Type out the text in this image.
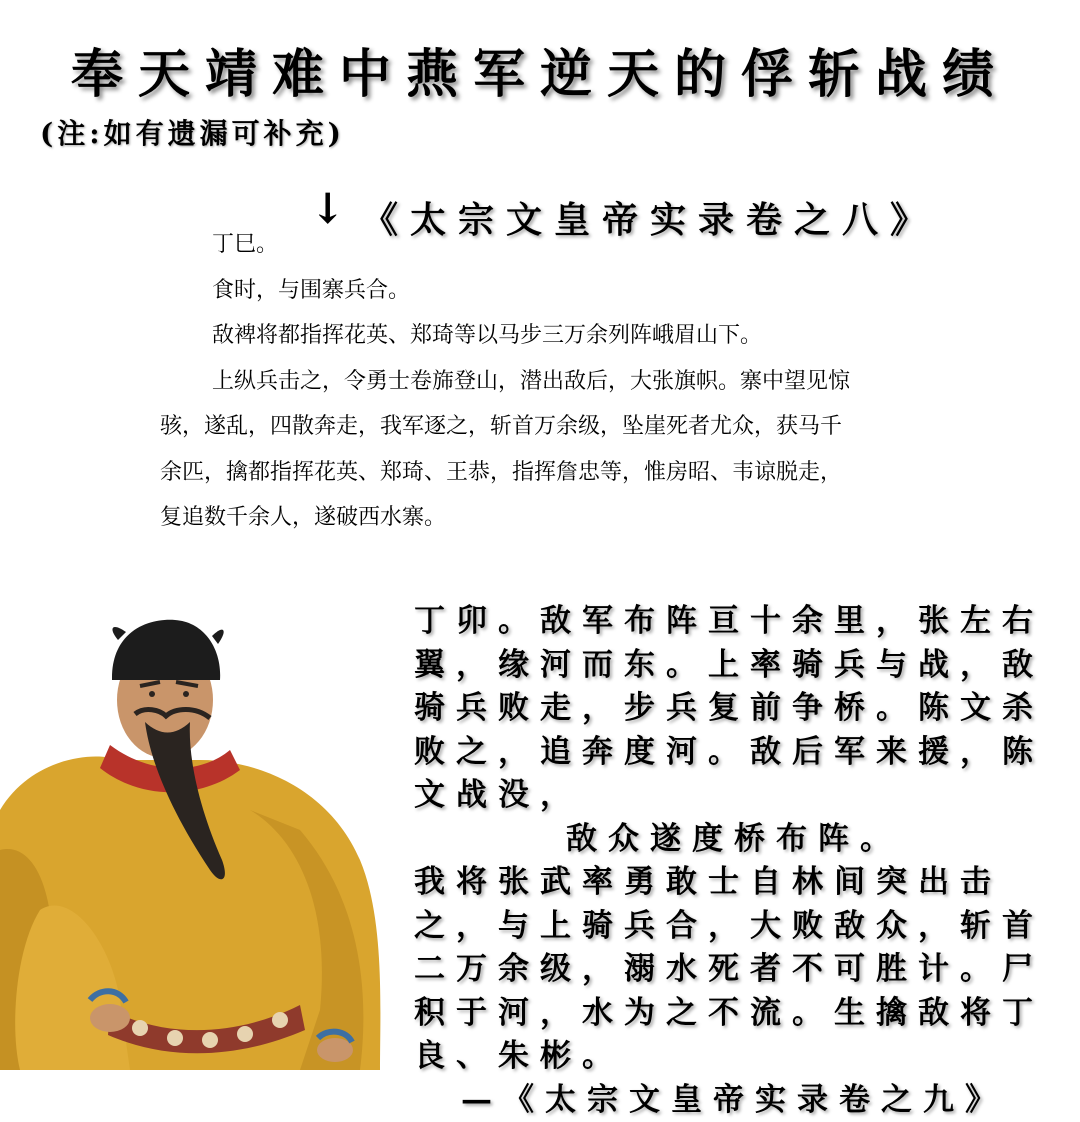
奉天靖难中燕军逆天的俘斩战绩
(注:如有遗漏可补充)
↓ 《太宗文皇帝实录卷之八》

丁巳。

食时，与围寨兵合。

敌裨将都指挥花英、郑琦等以马步三万余列阵峨眉山下。

上纵兵击之，令勇士卷旆登山，潜出敌后，大张旗帜。寨中望见惊骇，遂乱，四散奔走，我军逐之，斩首万余级，坠崖死者尤众，获马千余匹，擒都指挥花英、郑琦、王恭，指挥詹忠等，惟房昭、韦谅脱走，复追数千余人，遂破西水寨。

丁卯。敌军布阵亘十余里，张左右翼，缘河而东。上率骑兵与战，敌骑兵败走，步兵复前争桥。陈文杀败之，追奔度河。敌后军来援，陈文战没，

敌众遂度桥布阵。

我将张武率勇敢士自林间突出击之，与上骑兵合，大败敌众，斩首二万余级，溺水死者不可胜计。尸积于河，水为之不流。生擒敌将丁良、朱彬。

—《太宗文皇帝实录卷之九》
